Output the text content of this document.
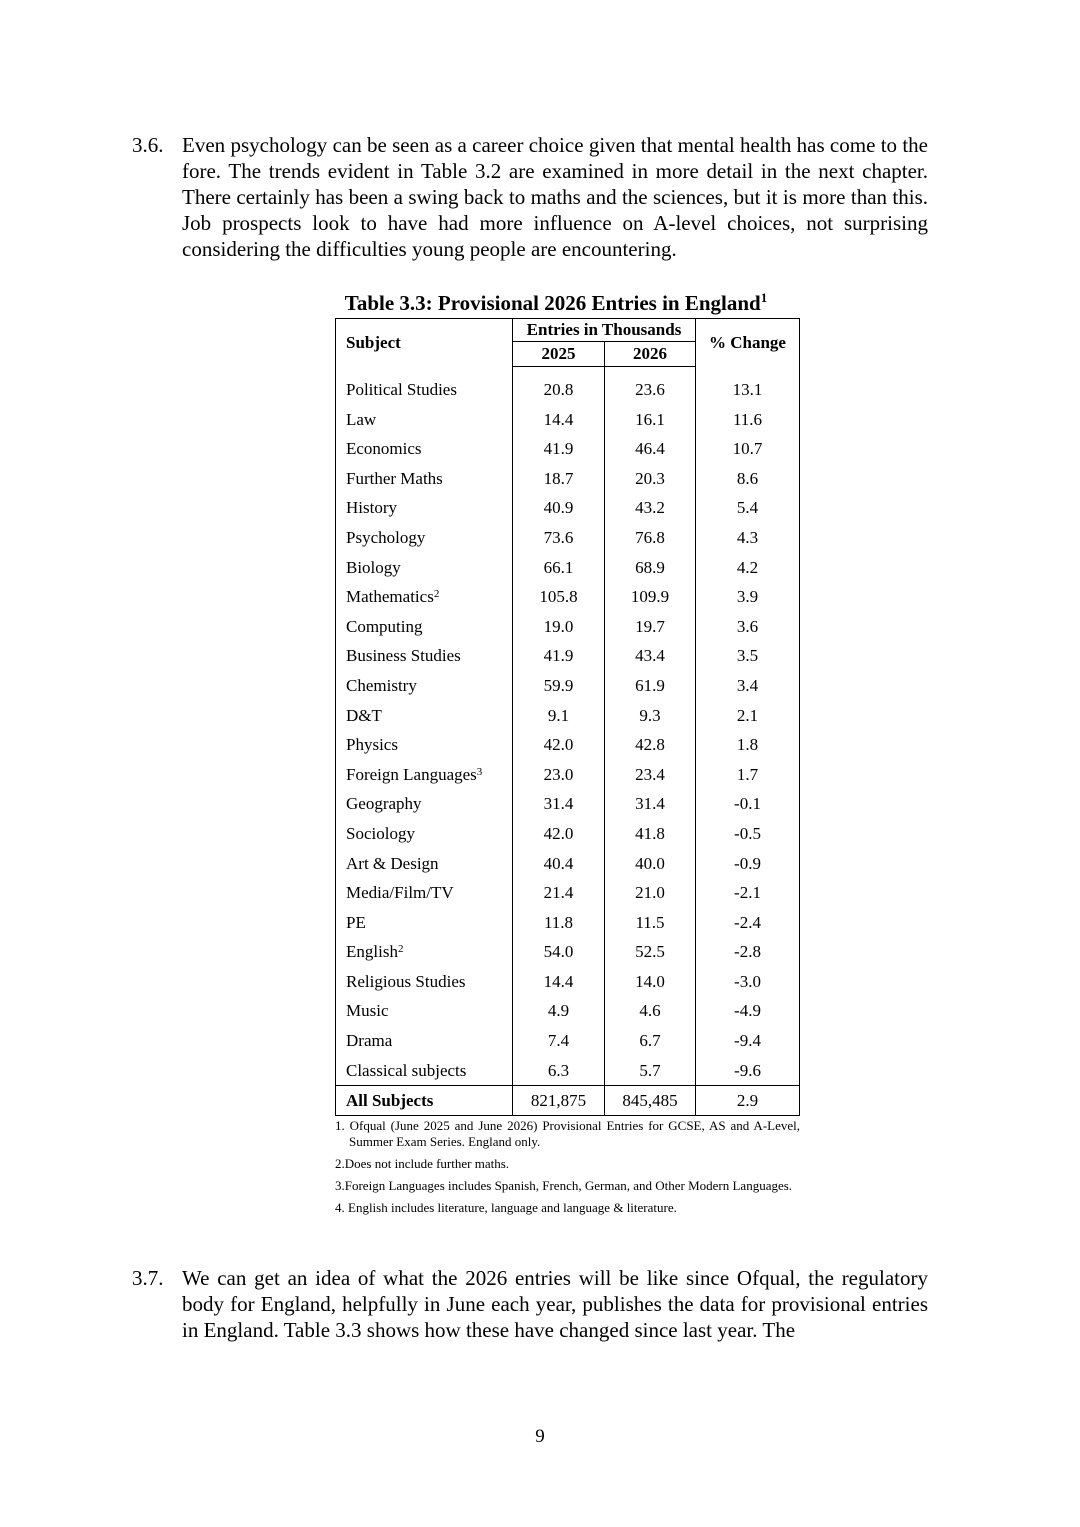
3.6. Even psychology can be seen as a career choice given that mental health has come to the fore. The trends evident in Table 3.2 are examined in more detail in the next chapter. There certainly has been a swing back to maths and the sciences, but it is more than this. Job prospects look to have had more influence on A-level choices, not surprising considering the difficulties young people are encountering.
Table 3.3: Provisional 2026 Entries in England$^1$
Subject	Entries in Thousands		% Change
	2025	2026	

Political Studies	20.8	23.6	13.1
Law	14.4	16.1	11.6
Economics	41.9	46.4	10.7
Further Maths	18.7	20.3	8.6
History	40.9	43.2	5.4
Psychology	73.6	76.8	4.3
Biology	66.1	68.9	4.2
Mathematics$^2$	105.8	109.9	3.9
Computing	19.0	19.7	3.6
Business Studies	41.9	43.4	3.5
Chemistry	59.9	61.9	3.4
D&T	9.1	9.3	2.1
Physics	42.0	42.8	1.8
Foreign Languages$^3$	23.0	23.4	1.7
Geography	31.4	31.4	-0.1
Sociology	42.0	41.8	-0.5
Art & Design	40.4	40.0	-0.9
Media/Film/TV	21.4	21.0	-2.1
PE	11.8	11.5	-2.4
English$^2$	54.0	52.5	-2.8
Religious Studies	14.4	14.0	-3.0
Music	4.9	4.6	-4.9
Drama	7.4	6.7	-9.4
Classical subjects	6.3	5.7	-9.6
All Subjects	821,875	845,485	2.9
1. Ofqual (June 2025 and June 2026) Provisional Entries for GCSE, AS and A-Level, Summer Exam Series. England only.
2.Does not include further maths.
3.Foreign Languages includes Spanish, French, German, and Other Modern Languages.
4. English includes literature, language and language & literature.
3.7. We can get an idea of what the 2026 entries will be like since Ofqual, the regulatory body for England, helpfully in June each year, publishes the data for provisional entries in England. Table 3.3 shows how these have changed since last year. The
9
